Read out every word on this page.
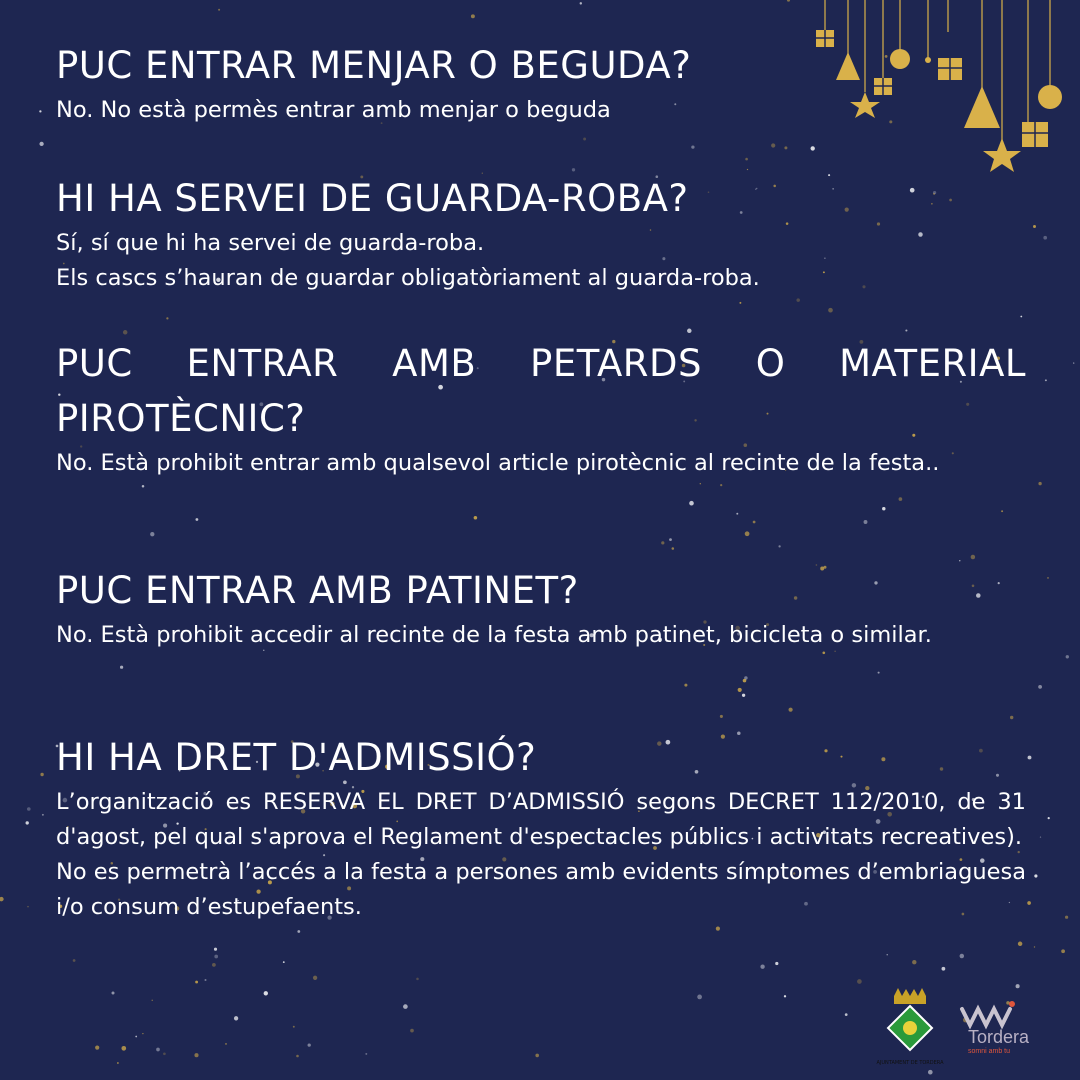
PUC ENTRAR MENJAR O BEGUDA?

No. No està permès entrar amb menjar o beguda

HI HA SERVEI DE GUARDA-ROBA?

Sí, sí que hi ha servei de guarda-roba.

Els cascs s’hauran de guardar obligatòriament al guarda-roba.

PUC ENTRAR AMB PETARDS O MATERIAL PIROTÈCNIC?

No. Està prohibit entrar amb qualsevol article pirotècnic al recinte de la festa..

PUC ENTRAR AMB PATINET?

No. Està prohibit accedir al recinte de la festa amb patinet, bicicleta o similar.

HI HA DRET D'ADMISSIÓ?

L’organització es RESERVA EL DRET D’ADMISSIÓ segons DECRET 112/2010, de 31 d'agost, pel qual s'aprova el Reglament d'espectacles públics i activitats recreatives).

No es permetrà l’accés a la festa a persones amb evidents símptomes d’embriaguesa i/o consum d’estupefaents.

AJUNTAMENT DE TORDERA
Tordera
somni amb tu
